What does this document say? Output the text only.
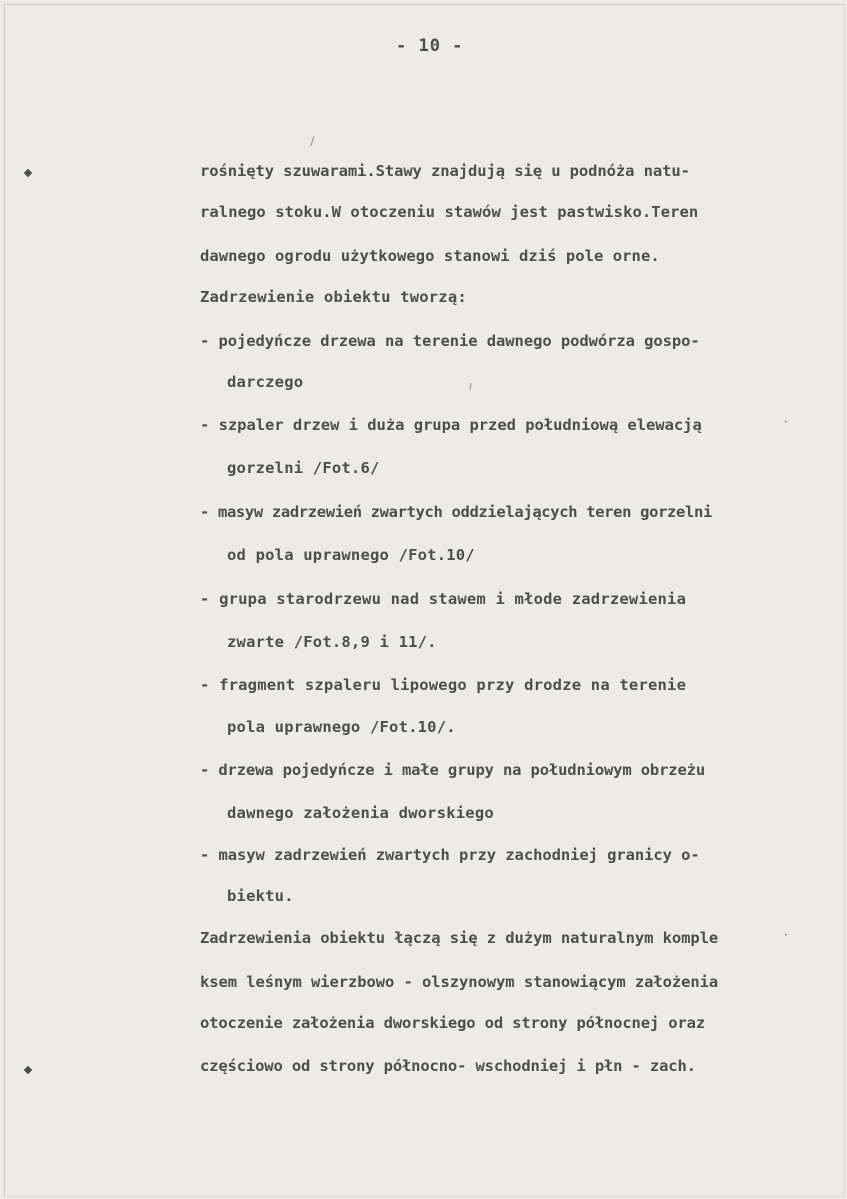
- 10 -
·
·
rośnięty szuwarami.Stawy znajdują się u podnóża natu-
ralnego stoku.W otoczeniu stawów jest pastwisko.Teren
dawnego ogrodu użytkowego stanowi dziś pole orne.
Zadrzewienie obiektu tworzą:
- pojedyńcze drzewa na terenie dawnego podwórza gospo-
darczego
- szpaler drzew i duża grupa przed południową elewacją
gorzelni /Fot.6/
- masyw zadrzewień zwartych oddzielających teren gorzelni
od pola uprawnego /Fot.10/
- grupa starodrzewu nad stawem i młode zadrzewienia
zwarte /Fot.8,9 i 11/.
- fragment szpaleru lipowego przy drodze na terenie
pola uprawnego /Fot.10/.
- drzewa pojedyńcze i małe grupy na południowym obrzeżu
dawnego założenia dworskiego
- masyw zadrzewień zwartych przy zachodniej granicy o-
biektu.
Zadrzewienia obiektu łączą się z dużym naturalnym komple
ksem leśnym wierzbowo - olszynowym stanowiącym założenia
otoczenie założenia dworskiego od strony północnej oraz
częściowo od strony północno- wschodniej i płn - zach.
